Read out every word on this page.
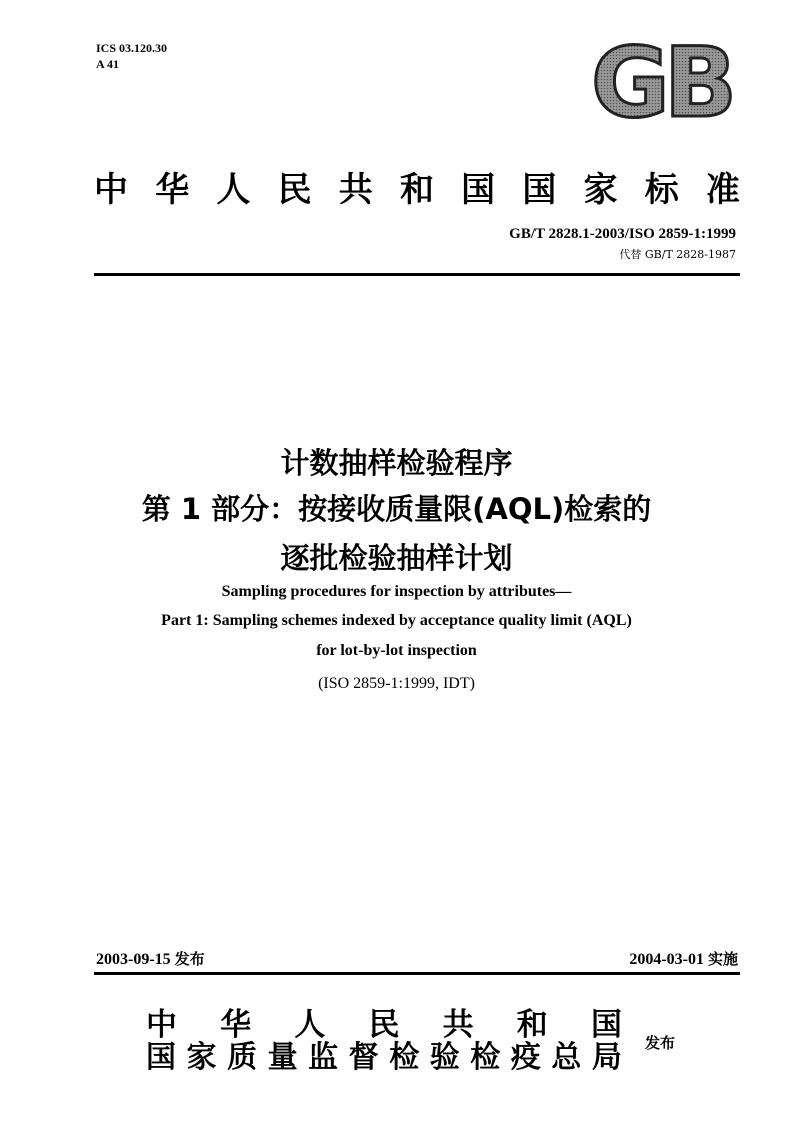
ICS 03.120.30
A 41	GB
中 华 人 民 共 和 国 国 家 标 准
GB/T 2828.1-2003/ISO 2859-1:1999
代替 GB/T 2828-1987
计数抽样检验程序
第 1 部分：按接收质量限(AQL)检索的
逐批检验抽样计划
Sampling procedures for inspection by attributes—
Part 1: Sampling schemes indexed by acceptance quality limit (AQL)
for lot-by-lot inspection
(ISO 2859-1:1999, IDT)
2003-09-15 发布	2004-03-01 实施
中 华 人 民 共 和 国
国 家 质 量 监 督 检 验 检 疫 总 局 发布
